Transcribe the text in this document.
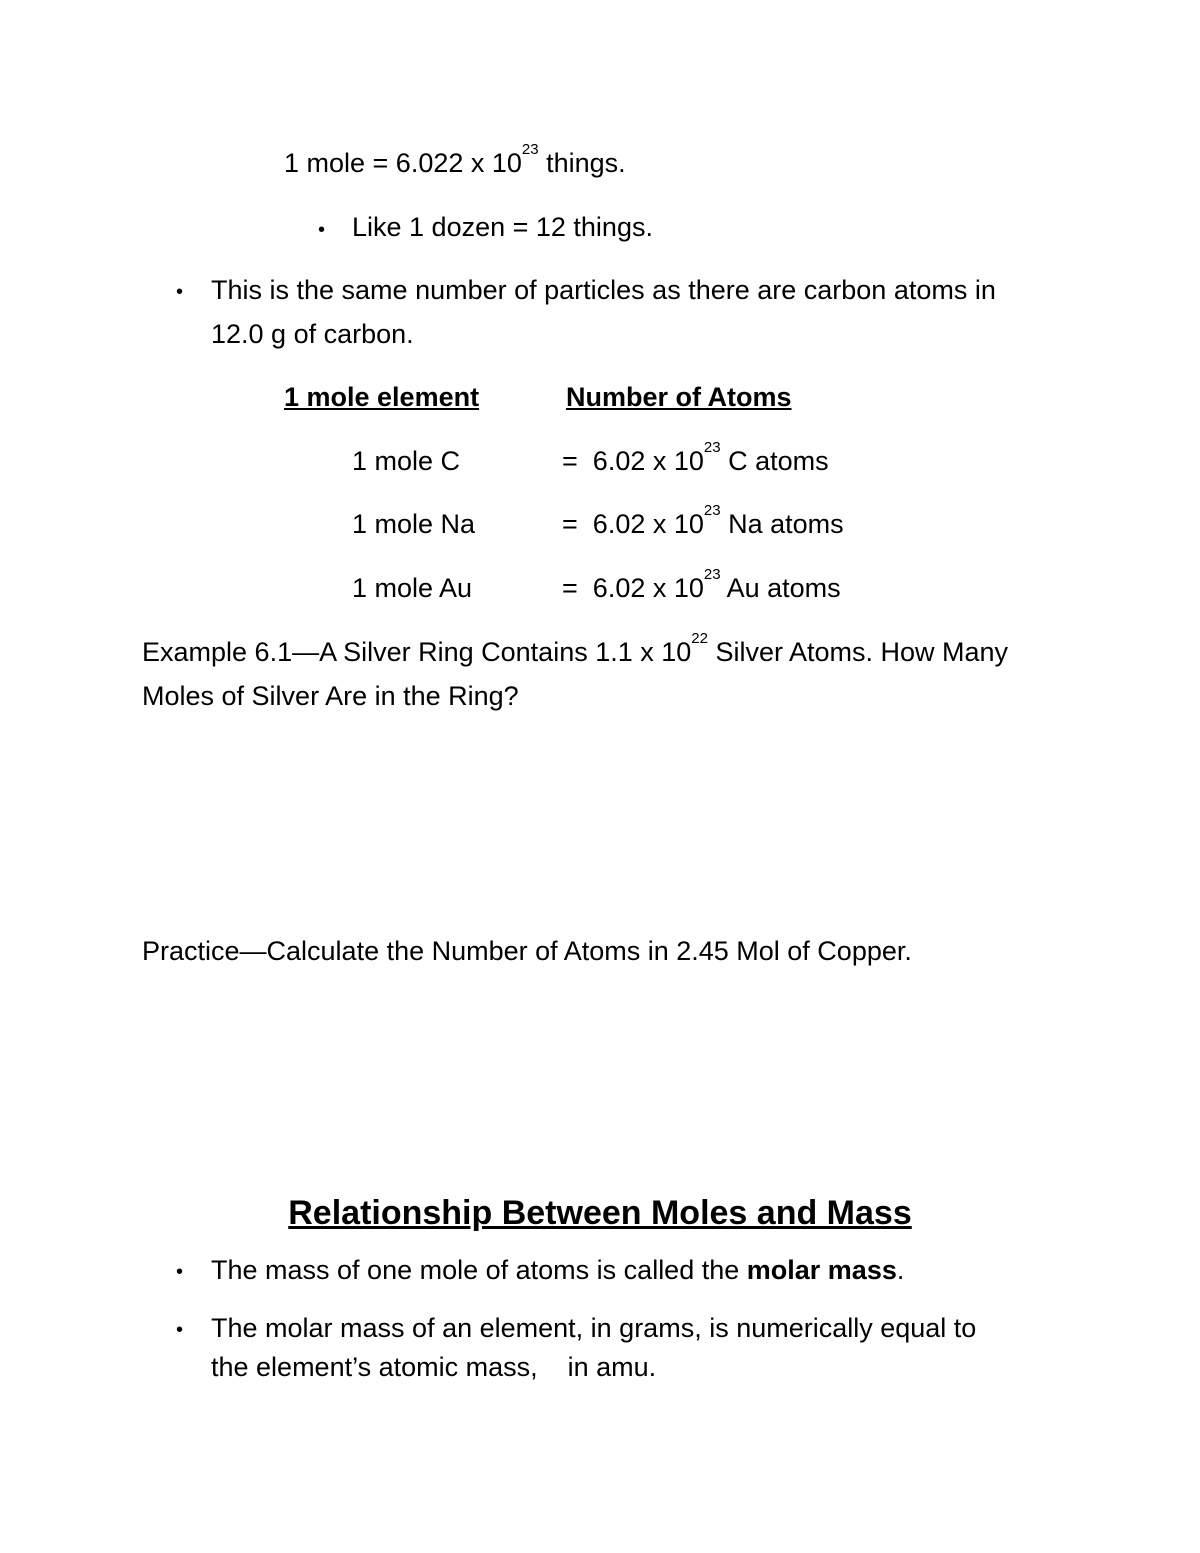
1 mole = 6.022 x $10^{23}$ things.
• Like 1 dozen = 12 things.
• This is the same number of particles as there are carbon atoms in
12.0 g of carbon.
1 mole element	Number of Atoms
1 mole C	= 6.02 x $10^{23}$ C atoms
1 mole Na	= 6.02 x $10^{23}$ Na atoms
1 mole Au	= 6.02 x $10^{23}$ Au atoms
Example 6.1—A Silver Ring Contains 1.1 x $10^{22}$ Silver Atoms. How Many
Moles of Silver Are in the Ring?
Practice—Calculate the Number of Atoms in 2.45 Mol of Copper.
Relationship Between Moles and Mass
• The mass of one mole of atoms is called the molar mass.
• The molar mass of an element, in grams, is numerically equal to
the element’s atomic mass,    in amu.
